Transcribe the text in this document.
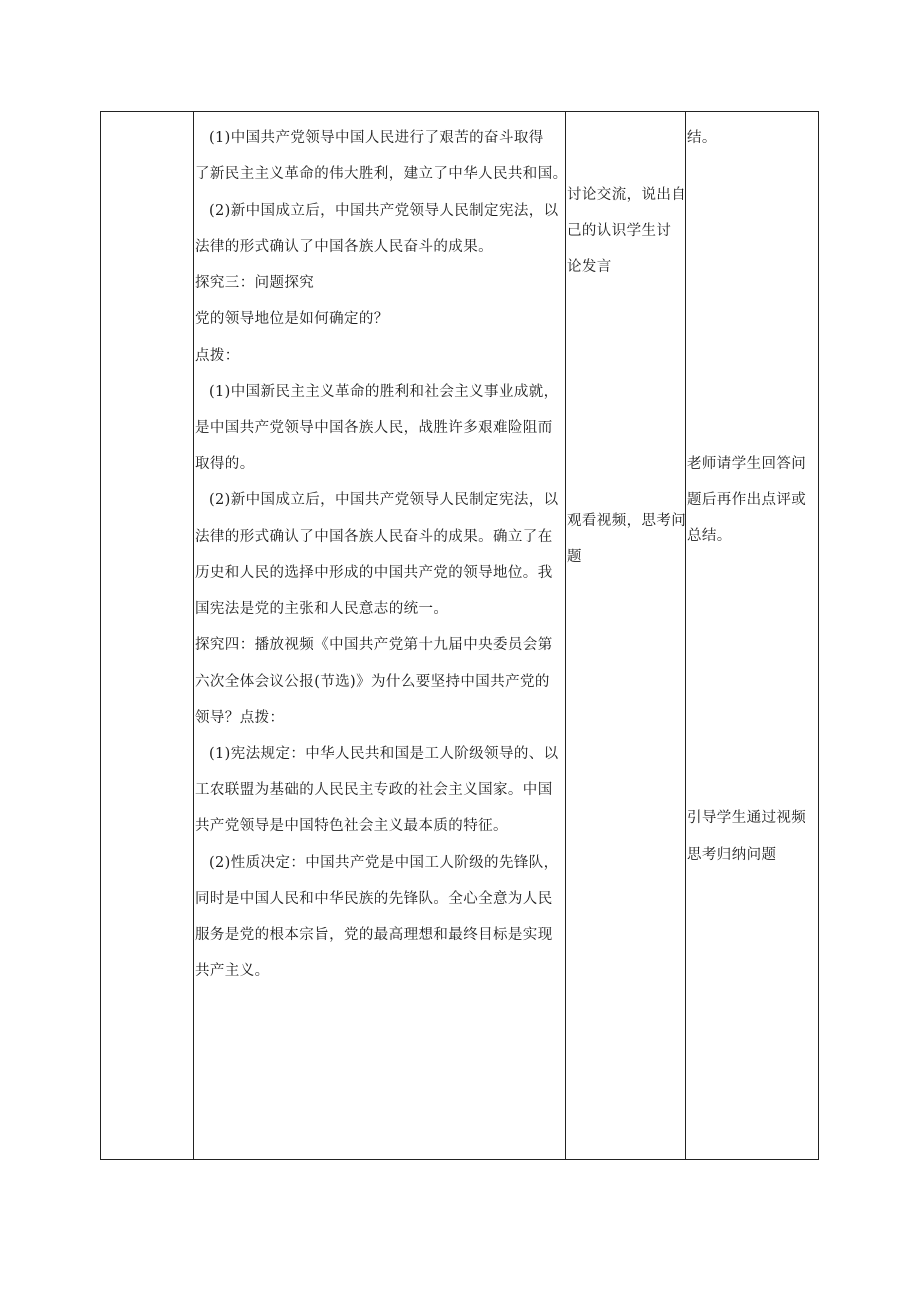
(1)中国共产党领导中国人民进行了艰苦的奋斗取得
了新民主主义革命的伟大胜利，建立了中华人民共和国。
(2)新中国成立后，中国共产党领导人民制定宪法，以
法律的形式确认了中国各族人民奋斗的成果。
探究三：问题探究
党的领导地位是如何确定的？
点拨：
(1)中国新民主主义革命的胜利和社会主义事业成就，
是中国共产党领导中国各族人民，战胜许多艰难险阻而
取得的。
(2)新中国成立后，中国共产党领导人民制定宪法，以
法律的形式确认了中国各族人民奋斗的成果。确立了在
历史和人民的选择中形成的中国共产党的领导地位。我
国宪法是党的主张和人民意志的统一。
探究四：播放视频《中国共产党第十九届中央委员会第
六次全体会议公报(节选)》为什么要坚持中国共产党的
领导？点拨：
(1)宪法规定：中华人民共和国是工人阶级领导的、以
工农联盟为基础的人民民主专政的社会主义国家。中国
共产党领导是中国特色社会主义最本质的特征。
(2)性质决定：中国共产党是中国工人阶级的先锋队，
同时是中国人民和中华民族的先锋队。全心全意为人民
服务是党的根本宗旨，党的最高理想和最终目标是实现
共产主义。
讨论交流，说出自
己的认识学生讨
论发言
观看视频，思考问
题
结。
老师请学生回答问
题后再作出点评或
总结。
引导学生通过视频
思考归纳问题
